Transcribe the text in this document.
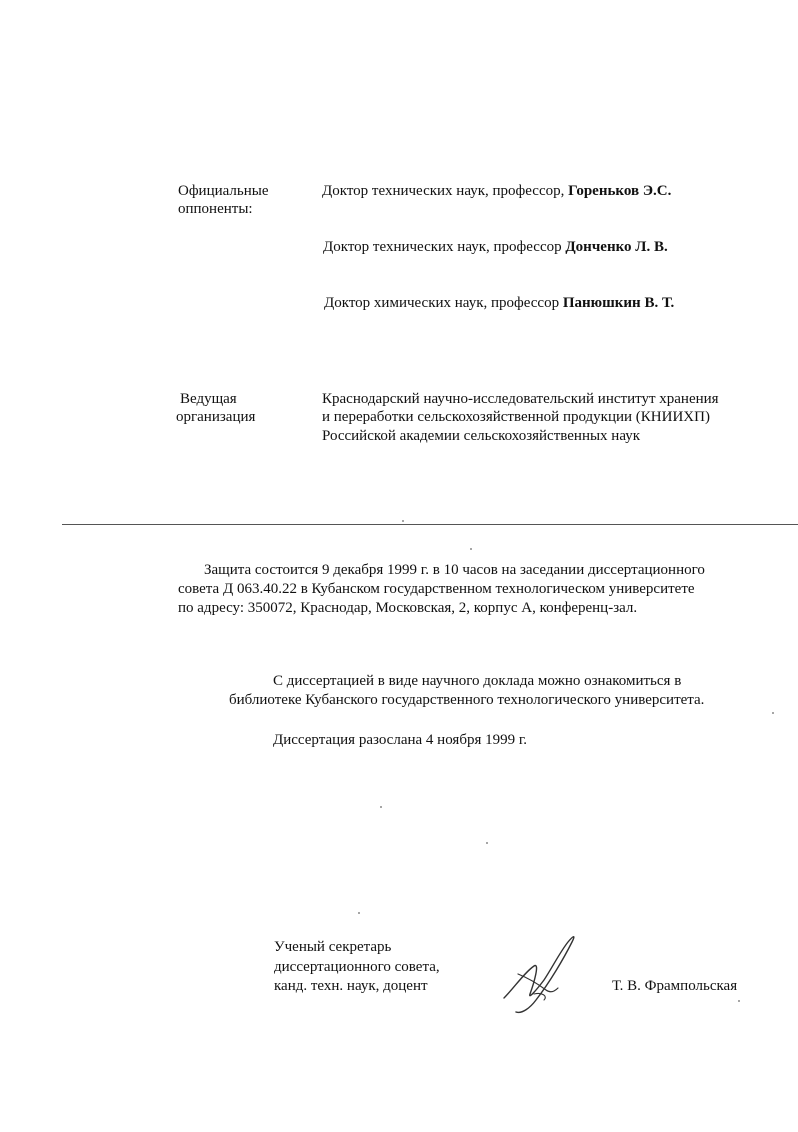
Официальные
оппоненты:
Доктор технических наук, профессор, Гореньков Э.С.
Доктор технических наук, профессор Донченко Л. В.
Доктор химических наук, профессор Панюшкин В. Т.
Ведущая
организация
Краснодарский научно-исследовательский институт хранения
и переработки сельскохозяйственной продукции (КНИИХП)
Российской академии сельскохозяйственных наук
Защита состоится 9 декабря 1999 г. в 10 часов на заседании диссертационного
совета Д 063.40.22 в Кубанском государственном технологическом университете
по адресу: 350072, Краснодар, Московская, 2, корпус А, конференц-зал.
С диссертацией в виде научного доклада можно ознакомиться в
библиотеке Кубанского государственного технологического университета.
Диссертация разослана 4 ноября 1999 г.
Ученый секретарь
диссертационного совета,
канд. техн. наук, доцент	Т. В. Фрампольская
